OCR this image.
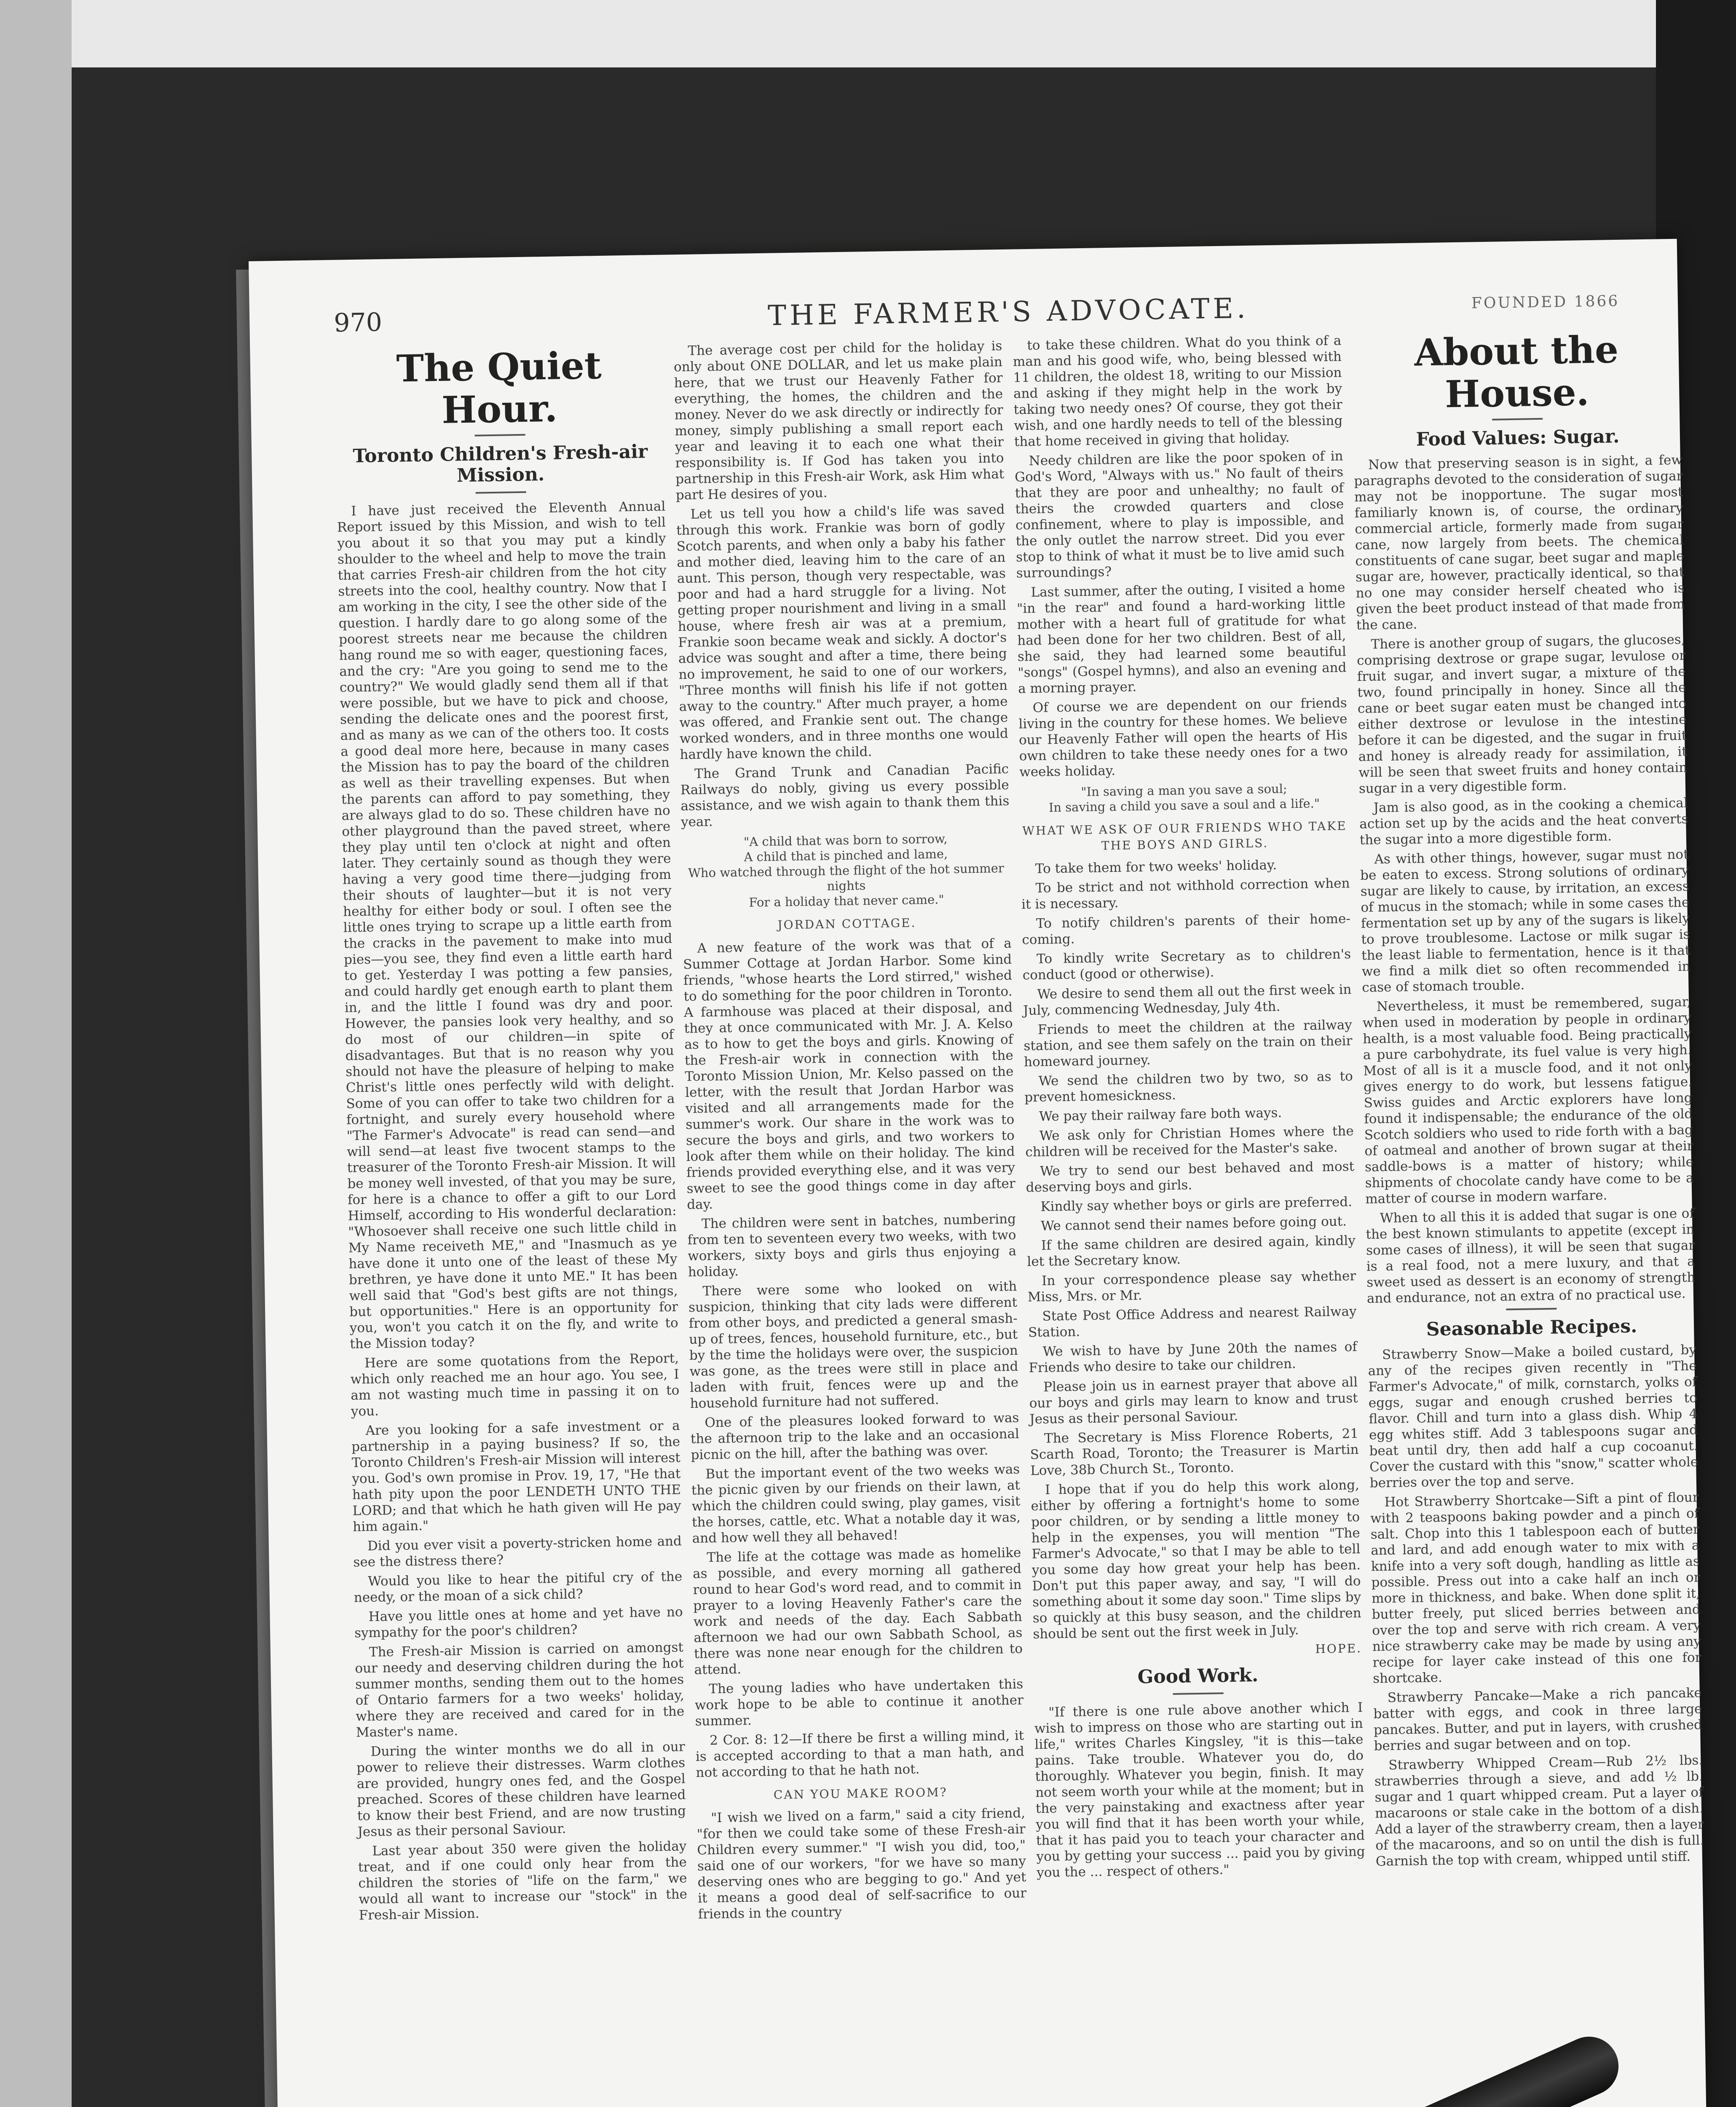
970	THE FARMER'S ADVOCATE.	FOUNDED 1866
The Quiet Hour.
Toronto Children's Fresh-air Mission.

I have just received the Eleventh Annual Report issued by this Mission, and wish to tell you about it so that you may put a kindly shoulder to the wheel and help to move the train that carries Fresh-air children from the hot city streets into the cool, healthy country. Now that I am working in the city, I see the other side of the question. I hardly dare to go along some of the poorest streets near me because the children hang round me so with eager, questioning faces, and the cry: "Are you going to send me to the country?" We would gladly send them all if that were possible, but we have to pick and choose, sending the delicate ones and the poorest first, and as many as we can of the others too. It costs a good deal more here, because in many cases the Mission has to pay the board of the children as well as their travelling expenses. But when the parents can afford to pay something, they are always glad to do so. These children have no other playground than the paved street, where they play until ten o'clock at night and often later. They certainly sound as though they were having a very good time there—judging from their shouts of laughter—but it is not very healthy for either body or soul. I often see the little ones trying to scrape up a little earth from the cracks in the pavement to make into mud pies—you see, they find even a little earth hard to get. Yesterday I was potting a few pansies, and could hardly get enough earth to plant them in, and the little I found was dry and poor. However, the pansies look very healthy, and so do most of our children—in spite of disadvantages. But that is no reason why you should not have the pleasure of helping to make Christ's little ones perfectly wild with delight. Some of you can offer to take two children for a fortnight, and surely every household where "The Farmer's Advocate" is read can send—and will send—at least five twocent stamps to the treasurer of the Toronto Fresh-air Mission. It will be money well invested, of that you may be sure, for here is a chance to offer a gift to our Lord Himself, according to His wonderful declaration: "Whosoever shall receive one such little child in My Name receiveth ME," and "Inasmuch as ye have done it unto one of the least of these My brethren, ye have done it unto ME." It has been well said that "God's best gifts are not things, but opportunities." Here is an opportunity for you, won't you catch it on the fly, and write to the Mission today?

Here are some quotations from the Report, which only reached me an hour ago. You see, I am not wasting much time in passing it on to you.

Are you looking for a safe investment or a partnership in a paying business? If so, the Toronto Children's Fresh-air Mission will interest you. God's own promise in Prov. 19, 17, "He that hath pity upon the poor LENDETH UNTO THE LORD; and that which he hath given will He pay him again."

Did you ever visit a poverty-stricken home and see the distress there?

Would you like to hear the pitiful cry of the needy, or the moan of a sick child?

Have you little ones at home and yet have no sympathy for the poor's children?

The Fresh-air Mission is carried on amongst our needy and deserving children during the hot summer months, sending them out to the homes of Ontario farmers for a two weeks' holiday, where they are received and cared for in the Master's name.

During the winter months we do all in our power to relieve their distresses. Warm clothes are provided, hungry ones fed, and the Gospel preached. Scores of these children have learned to know their best Friend, and are now trusting Jesus as their personal Saviour.

Last year about 350 were given the holiday treat, and if one could only hear from the children the stories of "life on the farm," we would all want to increase our "stock" in the Fresh-air Mission.

The average cost per child for the holiday is only about ONE DOLLAR, and let us make plain here, that we trust our Heavenly Father for everything, the homes, the children and the money. Never do we ask directly or indirectly for money, simply publishing a small report each year and leaving it to each one what their responsibility is. If God has taken you into partnership in this Fresh-air Work, ask Him what part He desires of you.

Let us tell you how a child's life was saved through this work. Frankie was born of godly Scotch parents, and when only a baby his father and mother died, leaving him to the care of an aunt. This person, though very respectable, was poor and had a hard struggle for a living. Not getting proper nourishment and living in a small house, where fresh air was at a premium, Frankie soon became weak and sickly. A doctor's advice was sought and after a time, there being no improvement, he said to one of our workers, "Three months will finish his life if not gotten away to the country." After much prayer, a home was offered, and Frankie sent out. The change worked wonders, and in three months one would hardly have known the child.

The Grand Trunk and Canadian Pacific Railways do nobly, giving us every possible assistance, and we wish again to thank them this year.

"A child that was born to sorrow,
A child that is pinched and lame,
Who watched through the flight of the hot summer nights
For a holiday that never came."
JORDAN COTTAGE.

A new feature of the work was that of a Summer Cottage at Jordan Harbor. Some kind friends, "whose hearts the Lord stirred," wished to do something for the poor children in Toronto. A farmhouse was placed at their disposal, and they at once communicated with Mr. J. A. Kelso as to how to get the boys and girls. Knowing of the Fresh-air work in connection with the Toronto Mission Union, Mr. Kelso passed on the letter, with the result that Jordan Harbor was visited and all arrangements made for the summer's work. Our share in the work was to secure the boys and girls, and two workers to look after them while on their holiday. The kind friends provided everything else, and it was very sweet to see the good things come in day after day.

The children were sent in batches, numbering from ten to seventeen every two weeks, with two workers, sixty boys and girls thus enjoying a holiday.

There were some who looked on with suspicion, thinking that city lads were different from other boys, and predicted a general smash-up of trees, fences, household furniture, etc., but by the time the holidays were over, the suspicion was gone, as the trees were still in place and laden with fruit, fences were up and the household furniture had not suffered.

One of the pleasures looked forward to was the afternoon trip to the lake and an occasional picnic on the hill, after the bathing was over.

But the important event of the two weeks was the picnic given by our friends on their lawn, at which the children could swing, play games, visit the horses, cattle, etc. What a notable day it was, and how well they all behaved!

The life at the cottage was made as homelike as possible, and every morning all gathered round to hear God's word read, and to commit in prayer to a loving Heavenly Father's care the work and needs of the day. Each Sabbath afternoon we had our own Sabbath School, as there was none near enough for the children to attend.

The young ladies who have undertaken this work hope to be able to continue it another summer.

2 Cor. 8: 12—If there be first a willing mind, it is accepted according to that a man hath, and not according to that he hath not.

CAN YOU MAKE ROOM?

"I wish we lived on a farm," said a city friend, "for then we could take some of these Fresh-air Children every summer." "I wish you did, too," said one of our workers, "for we have so many deserving ones who are begging to go." And yet it means a good deal of self-sacrifice to our friends in the country

to take these children. What do you think of a man and his good wife, who, being blessed with 11 children, the oldest 18, writing to our Mission and asking if they might help in the work by taking two needy ones? Of course, they got their wish, and one hardly needs to tell of the blessing that home received in giving that holiday.

Needy children are like the poor spoken of in God's Word, "Always with us." No fault of theirs that they are poor and unhealthy; no fault of theirs the crowded quarters and close confinement, where to play is impossible, and the only outlet the narrow street. Did you ever stop to think of what it must be to live amid such surroundings?

Last summer, after the outing, I visited a home "in the rear" and found a hard-working little mother with a heart full of gratitude for what had been done for her two children. Best of all, she said, they had learned some beautiful "songs" (Gospel hymns), and also an evening and a morning prayer.

Of course we are dependent on our friends living in the country for these homes. We believe our Heavenly Father will open the hearts of His own children to take these needy ones for a two weeks holiday.

"In saving a man you save a soul;
In saving a child you save a soul and a life."
WHAT WE ASK OF OUR FRIENDS WHO TAKE THE BOYS AND GIRLS.

To take them for two weeks' holiday.

To be strict and not withhold correction when it is necessary.

To notify children's parents of their home-coming.

To kindly write Secretary as to children's conduct (good or otherwise).

We desire to send them all out the first week in July, commencing Wednesday, July 4th.

Friends to meet the children at the railway station, and see them safely on the train on their homeward journey.

We send the children two by two, so as to prevent homesickness.

We pay their railway fare both ways.

We ask only for Christian Homes where the children will be received for the Master's sake.

We try to send our best behaved and most deserving boys and girls.

Kindly say whether boys or girls are preferred.

We cannot send their names before going out.

If the same children are desired again, kindly let the Secretary know.

In your correspondence please say whether Miss, Mrs. or Mr.

State Post Office Address and nearest Railway Station.

We wish to have by June 20th the names of Friends who desire to take our children.

Please join us in earnest prayer that above all our boys and girls may learn to know and trust Jesus as their personal Saviour.

The Secretary is Miss Florence Roberts, 21 Scarth Road, Toronto; the Treasurer is Martin Love, 38b Church St., Toronto.

I hope that if you do help this work along, either by offering a fortnight's home to some poor children, or by sending a little money to help in the expenses, you will mention "The Farmer's Advocate," so that I may be able to tell you some day how great your help has been. Don't put this paper away, and say, "I will do something about it some day soon." Time slips by so quickly at this busy season, and the children should be sent out the first week in July.

HOPE.
Good Work.

"If there is one rule above another which I wish to impress on those who are starting out in life," writes Charles Kingsley, "it is this—take pains. Take trouble. Whatever you do, do thoroughly. Whatever you begin, finish. It may not seem worth your while at the moment; but in the very painstaking and exactness after year you will find that it has been worth your while, that it has paid you to teach your character and you by getting your success ... paid you by giving you the ... respect of others."

About the House.
Food Values: Sugar.

Now that preserving season is in sight, a few paragraphs devoted to the consideration of sugar may not be inopportune. The sugar most familiarly known is, of course, the ordinary commercial article, formerly made from sugar cane, now largely from beets. The chemical constituents of cane sugar, beet sugar and maple sugar are, however, practically identical, so that no one may consider herself cheated who is given the beet product instead of that made from the cane.

There is another group of sugars, the glucoses, comprising dextrose or grape sugar, levulose or fruit sugar, and invert sugar, a mixture of the two, found principally in honey. Since all the cane or beet sugar eaten must be changed into either dextrose or levulose in the intestine before it can be digested, and the sugar in fruit and honey is already ready for assimilation, it will be seen that sweet fruits and honey contain sugar in a very digestible form.

Jam is also good, as in the cooking a chemical action set up by the acids and the heat converts the sugar into a more digestible form.

As with other things, however, sugar must not be eaten to excess. Strong solutions of ordinary sugar are likely to cause, by irritation, an excess of mucus in the stomach; while in some cases the fermentation set up by any of the sugars is likely to prove troublesome. Lactose or milk sugar is the least liable to fermentation, hence is it that we find a milk diet so often recommended in case of stomach trouble.

Nevertheless, it must be remembered, sugar, when used in moderation by people in ordinary health, is a most valuable food. Being practically a pure carbohydrate, its fuel value is very high. Most of all is it a muscle food, and it not only gives energy to do work, but lessens fatigue. Swiss guides and Arctic explorers have long found it indispensable; the endurance of the old Scotch soldiers who used to ride forth with a bag of oatmeal and another of brown sugar at their saddle-bows is a matter of history; while shipments of chocolate candy have come to be a matter of course in modern warfare.

When to all this it is added that sugar is one of the best known stimulants to appetite (except in some cases of illness), it will be seen that sugar is a real food, not a mere luxury, and that a sweet used as dessert is an economy of strength and endurance, not an extra of no practical use.

Seasonable Recipes.

Strawberry Snow—Make a boiled custard, by any of the recipes given recently in "The Farmer's Advocate," of milk, cornstarch, yolks of eggs, sugar and enough crushed berries to flavor. Chill and turn into a glass dish. Whip 4 egg whites stiff. Add 3 tablespoons sugar and beat until dry, then add half a cup cocoanut. Cover the custard with this "snow," scatter whole berries over the top and serve.

Hot Strawberry Shortcake—Sift a pint of flour with 2 teaspoons baking powder and a pinch of salt. Chop into this 1 tablespoon each of butter and lard, and add enough water to mix with a knife into a very soft dough, handling as little as possible. Press out into a cake half an inch or more in thickness, and bake. When done split it, butter freely, put sliced berries between and over the top and serve with rich cream. A very nice strawberry cake may be made by using any recipe for layer cake instead of this one for shortcake.

Strawberry Pancake—Make a rich pancake batter with eggs, and cook in three large pancakes. Butter, and put in layers, with crushed berries and sugar between and on top.

Strawberry Whipped Cream—Rub 2½ lbs. strawberries through a sieve, and add ½ lb. sugar and 1 quart whipped cream. Put a layer of macaroons or stale cake in the bottom of a dish. Add a layer of the strawberry cream, then a layer of the macaroons, and so on until the dish is full. Garnish the top with cream, whipped until stiff.
